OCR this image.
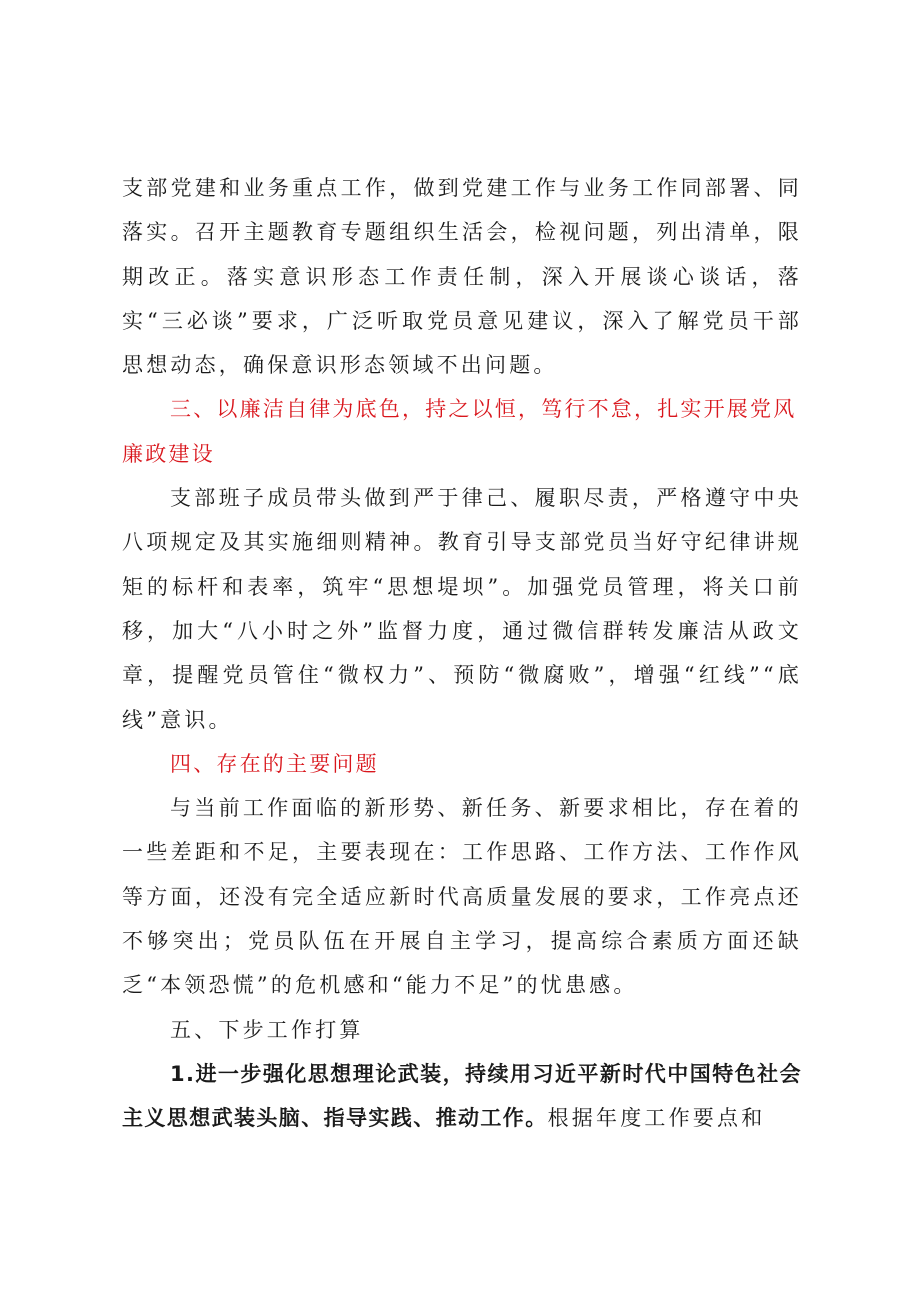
支部党建和业务重点工作，做到党建工作与业务工作同部署、同落实。召开主题教育专题组织生活会，检视问题，列出清单，限期改正。落实意识形态工作责任制，深入开展谈心谈话，落实“三必谈”要求，广泛听取党员意见建议，深入了解党员干部思想动态，确保意识形态领域不出问题。

三、以廉洁自律为底色，持之以恒，笃行不怠，扎实开展党风廉政建设

支部班子成员带头做到严于律己、履职尽责，严格遵守中央八项规定及其实施细则精神。教育引导支部党员当好守纪律讲规矩的标杆和表率，筑牢“思想堤坝”。加强党员管理，将关口前移，加大“八小时之外”监督力度，通过微信群转发廉洁从政文章，提醒党员管住“微权力”、预防“微腐败”，增强“红线”“底线”意识。

四、存在的主要问题

与当前工作面临的新形势、新任务、新要求相比，存在着的一些差距和不足，主要表现在：工作思路、工作方法、工作作风等方面，还没有完全适应新时代高质量发展的要求，工作亮点还不够突出；党员队伍在开展自主学习，提高综合素质方面还缺乏“本领恐慌”的危机感和“能力不足”的忧患感。

五、下步工作打算

1.进一步强化思想理论武装，持续用习近平新时代中国特色社会主义思想武装头脑、指导实践、推动工作。根据年度工作要点和
